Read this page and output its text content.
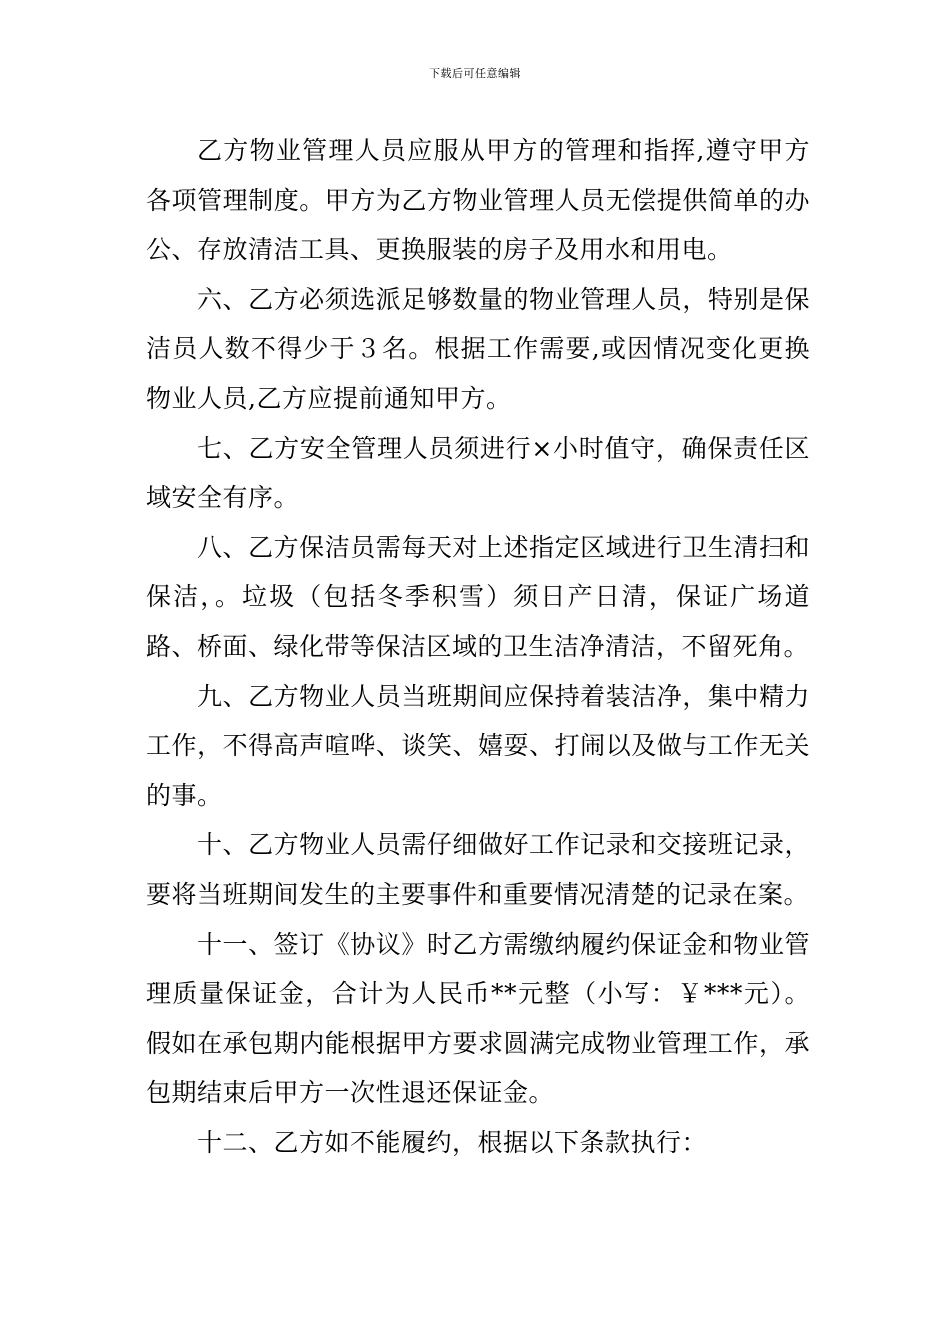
下载后可任意编辑

乙方物业管理人员应服从甲方的管理和指挥,遵守甲方各项管理制度。甲方为乙方物业管理人员无偿提供简单的办公、存放清洁工具、更换服装的房子及用水和用电。

六、乙方必须选派足够数量的物业管理人员，特别是保洁员人数不得少于３名。根据工作需要,或因情况变化更换物业人员,乙方应提前通知甲方。

七、乙方安全管理人员须进行×小时值守，确保责任区域安全有序。

八、乙方保洁员需每天对上述指定区域进行卫生清扫和保洁，。垃圾（包括冬季积雪）须日产日清，保证广场道路、桥面、绿化带等保洁区域的卫生洁净清洁，不留死角。

九、乙方物业人员当班期间应保持着装洁净，集中精力工作，不得高声喧哗、谈笑、嬉耍、打闹以及做与工作无关的事。

十、乙方物业人员需仔细做好工作记录和交接班记录，要将当班期间发生的主要事件和重要情况清楚的记录在案。

十一、签订《协议》时乙方需缴纳履约保证金和物业管理质量保证金，合计为人民币**元整（小写：￥***元）。假如在承包期内能根据甲方要求圆满完成物业管理工作，承包期结束后甲方一次性退还保证金。

十二、乙方如不能履约，根据以下条款执行：
